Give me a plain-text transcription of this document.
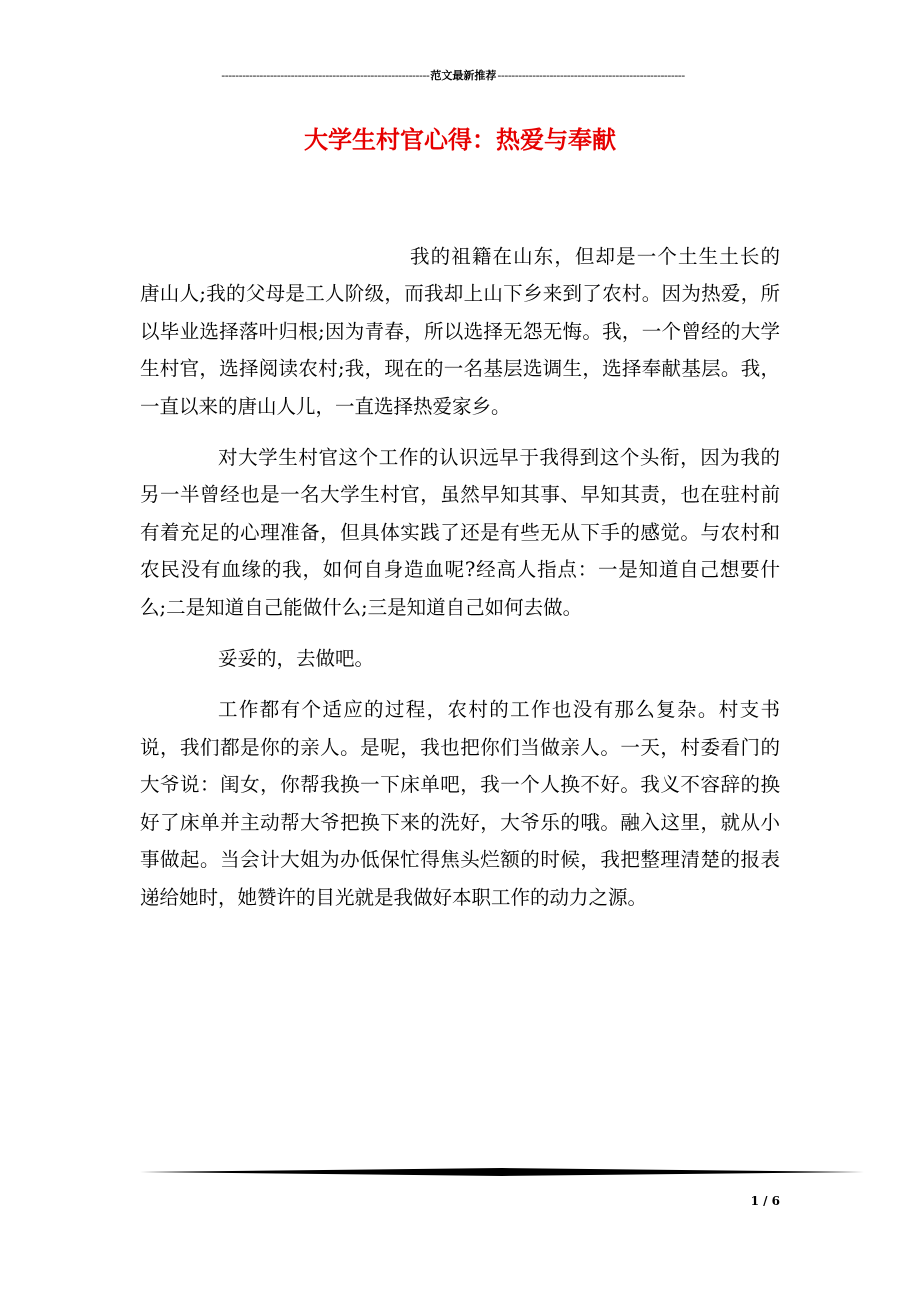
------------------------------------------------------------范文最新推荐------------------------------------------------------
大学生村官心得：热爱与奉献

我的祖籍在山东，但却是一个土生土长的唐山人;我的父母是工人阶级，而我却上山下乡来到了农村。因为热爱，所以毕业选择落叶归根;因为青春，所以选择无怨无悔。我，一个曾经的大学生村官，选择阅读农村;我，现在的一名基层选调生，选择奉献基层。我，一直以来的唐山人儿，一直选择热爱家乡。

对大学生村官这个工作的认识远早于我得到这个头衔，因为我的另一半曾经也是一名大学生村官，虽然早知其事、早知其责，也在驻村前有着充足的心理准备，但具体实践了还是有些无从下手的感觉。与农村和农民没有血缘的我，如何自身造血呢?经高人指点：一是知道自己想要什么;二是知道自己能做什么;三是知道自己如何去做。

妥妥的，去做吧。

工作都有个适应的过程，农村的工作也没有那么复杂。村支书说，我们都是你的亲人。是呢，我也把你们当做亲人。一天，村委看门的大爷说：闺女，你帮我换一下床单吧，我一个人换不好。我义不容辞的换好了床单并主动帮大爷把换下来的洗好，大爷乐的哦。融入这里，就从小事做起。当会计大姐为办低保忙得焦头烂额的时候，我把整理清楚的报表递给她时，她赞许的目光就是我做好本职工作的动力之源。

1 / 6
